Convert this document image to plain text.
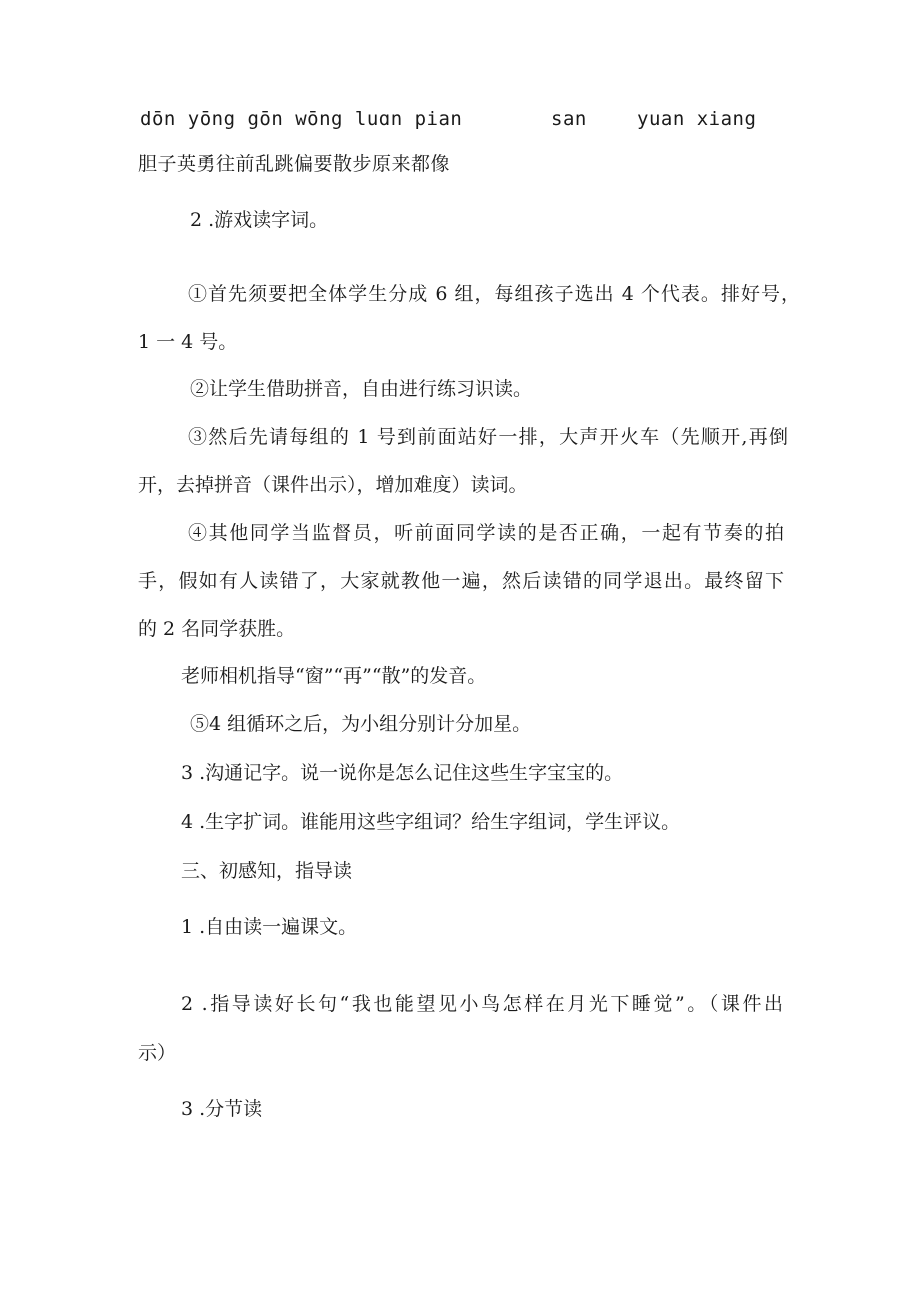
dōn yōng gōn wōng luɑn pian	san	yuan xiang
胆子英勇往前乱跳偏要散步原来都像
2 .游戏读字词。
①首先须要把全体学生分成 6 组，每组孩子选出 4 个代表。排好号，
1 一 4 号。
②让学生借助拼音，自由进行练习识读。
③然后先请每组的 1 号到前面站好一排，大声开火车（先顺开,再倒
开，去掉拼音（课件出示），增加难度）读词。
④其他同学当监督员，听前面同学读的是否正确，一起有节奏的拍
手，假如有人读错了，大家就教他一遍，然后读错的同学退出。最终留下
的 2 名同学获胜。
老师相机指导“窗”“再”“散”的发音。
⑤4 组循环之后，为小组分别计分加星。
3 .沟通记字。说一说你是怎么记住这些生字宝宝的。
4 .生字扩词。谁能用这些字组词？给生字组词，学生评议。
三、初感知，指导读
1 .自由读一遍课文。
2 .指导读好长句“我也能望见小鸟怎样在月光下睡觉”。（课件出
示）
3 .分节读
